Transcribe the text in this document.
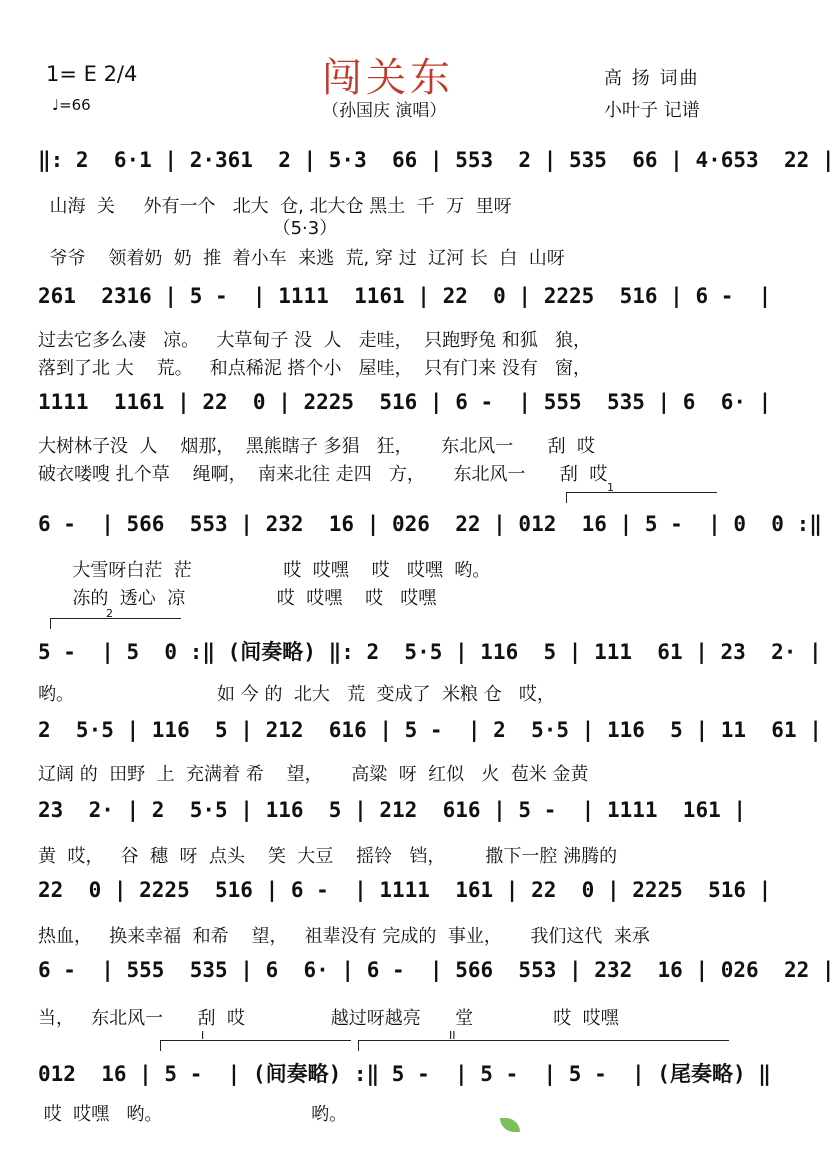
1= E 2/4
♩=66
闯关东
（孙国庆 演唱）
高 扬 词曲
小叶子 记谱
1
2
I	II
‖: 2  6·1 | 2·361  2 | 5·3  66 | 553  2 | 535  66 | 4·653  22 |
山海  关     外有一个   北大  仓, 北大仓 黑土  千  万  里呀
（5·3）
爷爷    领着奶  奶  推  着小车  来逃  荒, 穿 过  辽河 长  白  山呀
261  2316 | 5 -  | 1111  1161 | 22  0 | 2225  516 | 6 -  |
过去它多么凄   凉。   大草甸子 没  人   走哇，  只跑野兔 和狐   狼，
落到了北 大    荒。   和点稀泥 搭个小   屋哇，  只有门来 没有   窗，
1111  1161 | 22  0 | 2225  516 | 6 -  | 555  535 | 6  6· |
大树林子没  人    烟那，  黑熊瞎子 多猖   狂，     东北风一      刮  哎
破衣喽嗖 扎个草    绳啊，  南来北往 走四   方，     东北风一      刮  哎
6 -  | 566  553 | 232  16 | 026  22 | 012  16 | 5 -  | 0  0 :‖
大雪呀白茫  茫                哎  哎嘿    哎   哎嘿  哟。
冻的  透心  凉                哎  哎嘿    哎   哎嘿
5 -  | 5  0 :‖ (间奏略) ‖: 2  5·5 | 116  5 | 111  61 | 23  2· |
哟。                         如 今 的  北大   荒  变成了  米粮 仓   哎，
2  5·5 | 116  5 | 212  616 | 5 -  | 2  5·5 | 116  5 | 11  61 |
辽阔 的  田野  上  充满着 希    望，     高粱  呀  红似   火  苞米 金黄
23  2· | 2  5·5 | 116  5 | 212  616 | 5 -  | 1111  161 |
黄  哎，   谷  穗  呀  点头    笑  大豆    摇铃   铛，       撒下一腔 沸腾的
22  0 | 2225  516 | 6 -  | 1111  161 | 22  0 | 2225  516 |
热血，   换来幸福  和希    望，   祖辈没有 完成的  事业，     我们这代  来承
6 -  | 555  535 | 6  6· | 6 -  | 566  553 | 232  16 | 026  22 |
当，   东北风一      刮  哎               越过呀越亮      堂              哎  哎嘿
012  16 | 5 -  | (间奏略) :‖ 5 -  | 5 -  | 5 -  | (尾奏略) ‖
哎  哎嘿   哟。                          哟。
